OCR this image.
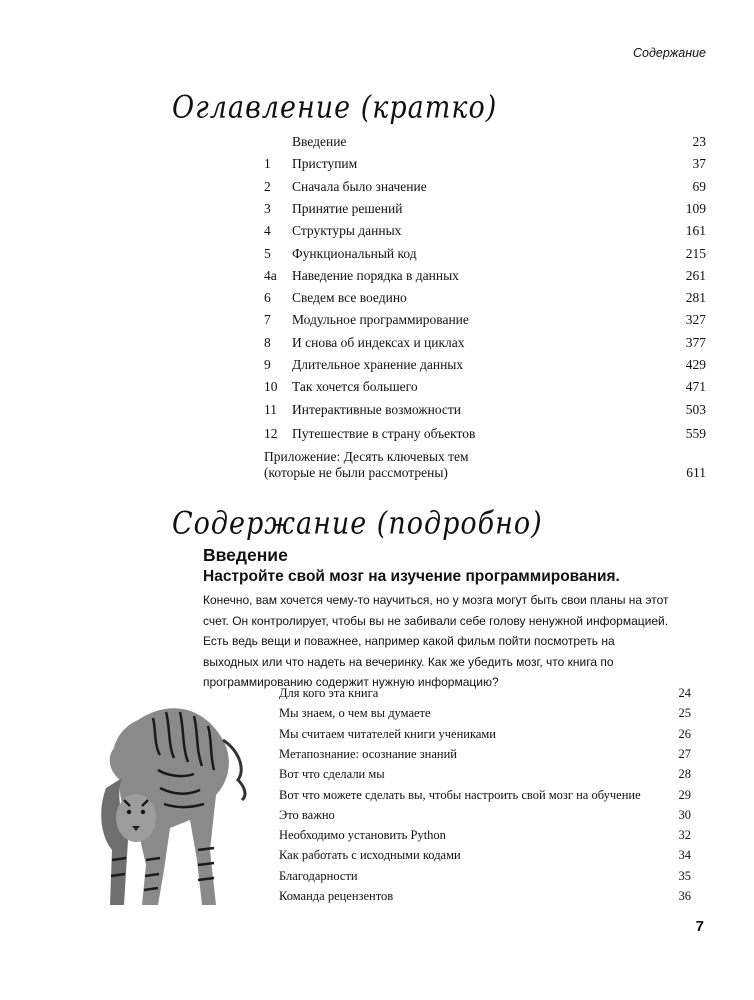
Содержание
Оглавление (кратко)
Введение	23
1 Приступим	37
2 Сначала было значение	69
3 Принятие решений	109
4 Структуры данных	161
5 Функциональный код	215
4а Наведение порядка в данных	261
6 Сведем все воедино	281
7 Модульное программирование	327
8 И снова об индексах и циклах	377
9 Длительное хранение данных	429
10 Так хочется большего	471
11 Интерактивные возможности	503
12 Путешествие в страну объектов	559
Приложение: Десять ключевых тем
(которые не были рассмотрены)	611
Содержание (подробно)
Введение
Настройте свой мозг на изучение программирования.
Конечно, вам хочется чему-то научиться, но у мозга могут быть свои планы на этот счет. Он контролирует, чтобы вы не забивали себе голову ненужной информацией. Есть ведь вещи и поважнее, например какой фильм пойти посмотреть на выходных или что надеть на вечеринку. Как же убедить мозг, что книга по программированию содержит нужную информацию?
Для кого эта книга	24
Мы знаем, о чем вы думаете	25
Мы считаем читателей книги учениками	26
Метапознание: осознание знаний	27
Вот что сделали мы	28
Вот что можете сделать вы, чтобы настроить свой мозг на обучение	29
Это важно	30
Необходимо установить Python	32
Как работать с исходными кодами	34
Благодарности	35
Команда рецензентов	36
7
